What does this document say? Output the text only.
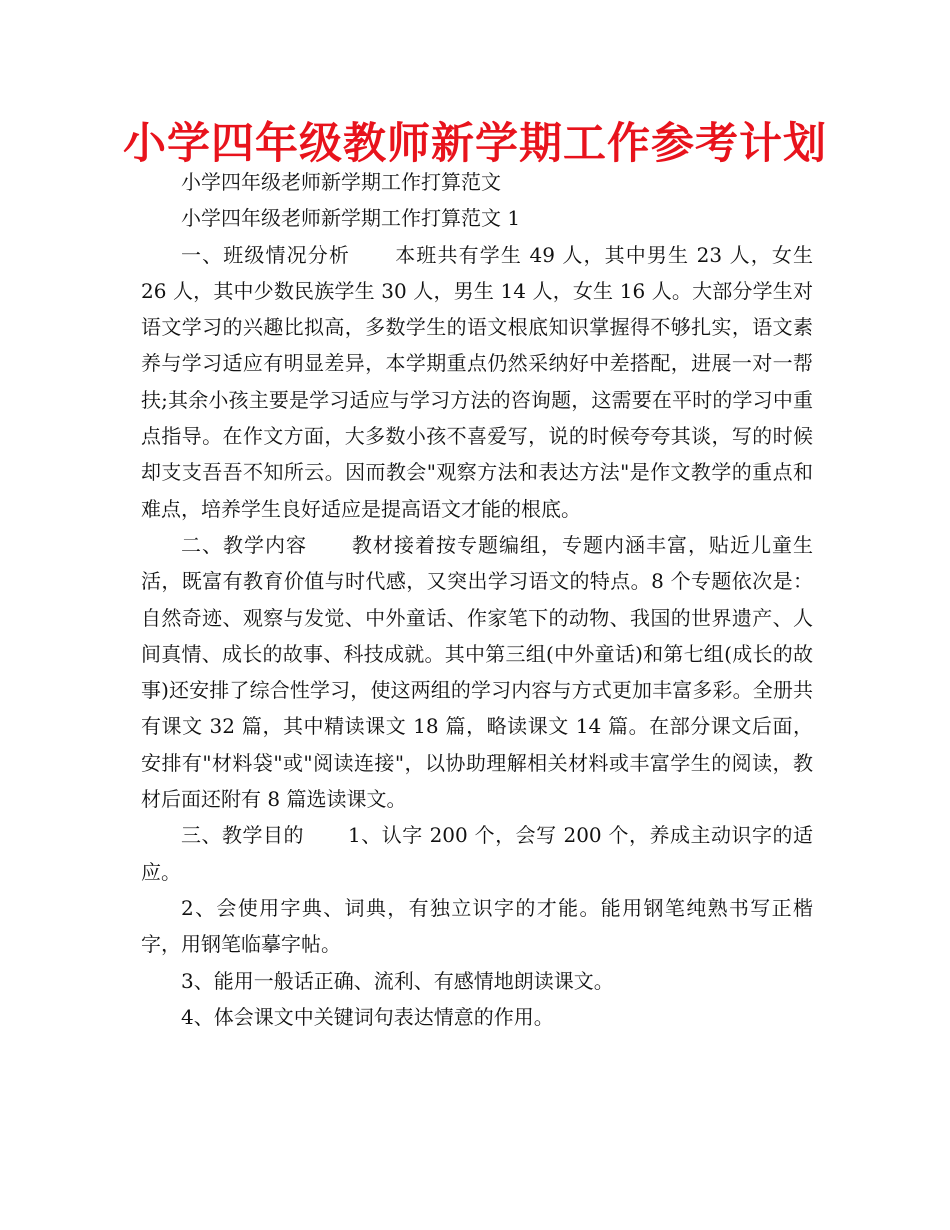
小学四年级教师新学期工作参考计划

小学四年级老师新学期工作打算范文

小学四年级老师新学期工作打算范文 1

一、班级情况分析 本班共有学生 49 人，其中男生 23 人，女生 26 人，其中少数民族学生 30 人，男生 14 人，女生 16 人。大部分学生对语文学习的兴趣比拟高，多数学生的语文根底知识掌握得不够扎实，语文素养与学习适应有明显差异，本学期重点仍然采纳好中差搭配，进展一对一帮扶;其余小孩主要是学习适应与学习方法的咨询题，这需要在平时的学习中重点指导。在作文方面，大多数小孩不喜爱写，说的时候夸夸其谈，写的时候却支支吾吾不知所云。因而教会"观察方法和表达方法"是作文教学的重点和难点，培养学生良好适应是提高语文才能的根底。

二、教学内容 教材接着按专题编组，专题内涵丰富，贴近儿童生活，既富有教育价值与时代感，又突出学习语文的特点。8 个专题依次是：自然奇迹、观察与发觉、中外童话、作家笔下的动物、我国的世界遗产、人间真情、成长的故事、科技成就。其中第三组(中外童话)和第七组(成长的故事)还安排了综合性学习，使这两组的学习内容与方式更加丰富多彩。全册共有课文 32 篇，其中精读课文 18 篇，略读课文 14 篇。在部分课文后面，安排有"材料袋"或"阅读连接"，以协助理解相关材料或丰富学生的阅读，教材后面还附有 8 篇选读课文。

三、教学目的 1、认字 200 个，会写 200 个，养成主动识字的适应。

2、会使用字典、词典，有独立识字的才能。能用钢笔纯熟书写正楷字，用钢笔临摹字帖。

3、能用一般话正确、流利、有感情地朗读课文。

4、体会课文中关键词句表达情意的作用。
